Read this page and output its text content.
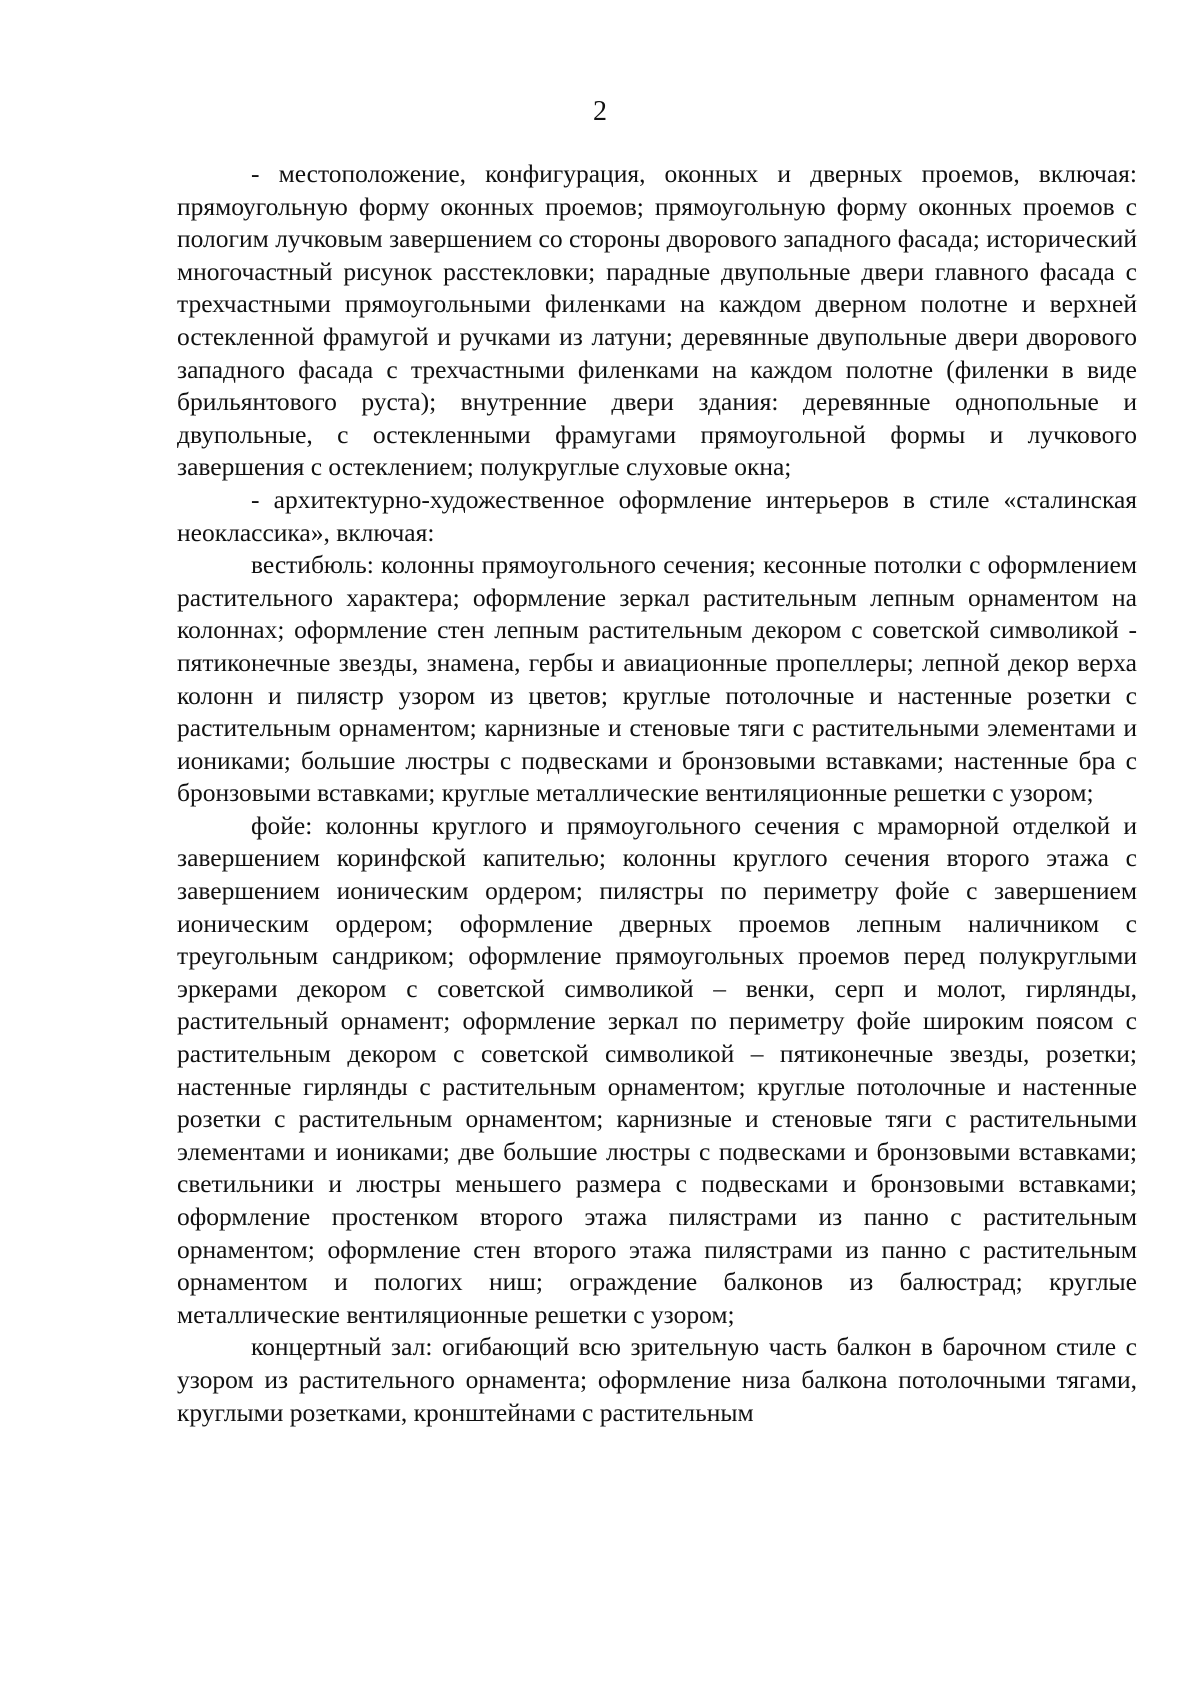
2

- местоположение, конфигурация, оконных и дверных проемов, включая: прямоугольную форму оконных проемов; прямоугольную форму оконных проемов с пологим лучковым завершением со стороны дворового западного фасада; исторический многочастный рисунок расстекловки; парадные двупольные двери главного фасада с трехчастными прямоугольными филенками на каждом дверном полотне и верхней остекленной фрамугой и ручками из латуни; деревянные двупольные двери дворового западного фасада с трехчастными филенками на каждом полотне (филенки в виде брильянтового руста); внутренние двери здания: деревянные однопольные и двупольные, с остекленными фрамугами прямоугольной формы и лучкового завершения с остеклением; полукруглые слуховые окна;

- архитектурно-художественное оформление интерьеров в стиле «сталинская неоклассика», включая:

вестибюль: колонны прямоугольного сечения; кесонные потолки с оформлением растительного характера; оформление зеркал растительным лепным орнаментом на колоннах; оформление стен лепным растительным декором с советской символикой - пятиконечные звезды, знамена, гербы и авиационные пропеллеры; лепной декор верха колонн и пилястр узором из цветов; круглые потолочные и настенные розетки с растительным орнаментом; карнизные и стеновые тяги с растительными элементами и иониками; большие люстры с подвесками и бронзовыми вставками; настенные бра с бронзовыми вставками; круглые металлические вентиляционные решетки с узором;

фойе: колонны круглого и прямоугольного сечения с мраморной отделкой и завершением коринфской капителью; колонны круглого сечения второго этажа с завершением ионическим ордером; пилястры по периметру фойе с завершением ионическим ордером; оформление дверных проемов лепным наличником с треугольным сандриком; оформление прямоугольных проемов перед полукруглыми эркерами декором с советской символикой – венки, серп и молот, гирлянды, растительный орнамент; оформление зеркал по периметру фойе широким поясом с растительным декором с советской символикой – пятиконечные звезды, розетки; настенные гирлянды с растительным орнаментом; круглые потолочные и настенные розетки с растительным орнаментом; карнизные и стеновые тяги с растительными элементами и иониками; две большие люстры с подвесками и бронзовыми вставками; светильники и люстры меньшего размера с подвесками и бронзовыми вставками; оформление простенком второго этажа пилястрами из панно с растительным орнаментом; оформление стен второго этажа пилястрами из панно с растительным орнаментом и пологих ниш; ограждение балконов из балюстрад; круглые металлические вентиляционные решетки с узором;

концертный зал: огибающий всю зрительную часть балкон в барочном стиле с узором из растительного орнамента; оформление низа балкона потолочными тягами, круглыми розетками, кронштейнами с растительным
